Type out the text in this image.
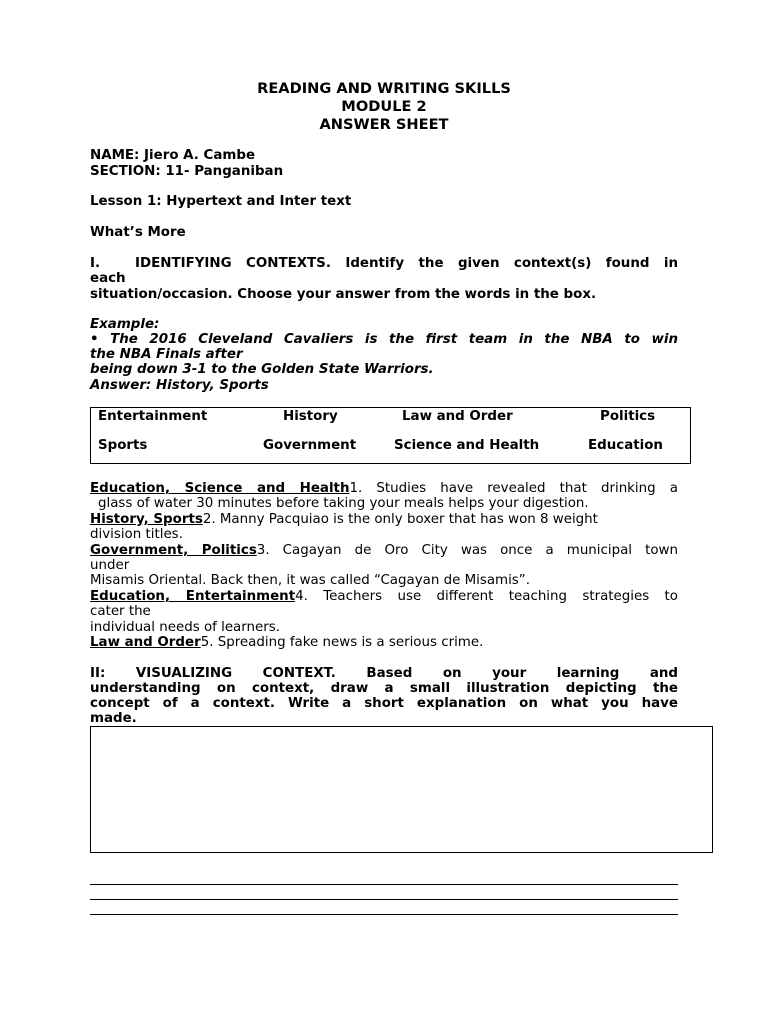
READING AND WRITING SKILLS
MODULE 2
ANSWER SHEET
NAME: Jiero A. Cambe
SECTION: 11- Panganiban
Lesson 1: Hypertext and Inter text
What’s More
I.	IDENTIFYING CONTEXTS. Identify the given context(s) found in
each
situation/occasion. Choose your answer from the words in the box.
Example:
• The 2016 Cleveland Cavaliers is the first team in the NBA to win
the NBA Finals after
being down 3-1 to the Golden State Warriors.
Answer: History, Sports
Entertainment	History	Law and Order	Politics
Sports	Government	Science and Health	Education
Education, Science and Health1. Studies have revealed that drinking a
glass of water 30 minutes before taking your meals helps your digestion.
History, Sports2. Manny Pacquiao is the only boxer that has won 8 weight
division titles.
Government, Politics3. Cagayan de Oro City was once a municipal town
under
Misamis Oriental. Back then, it was called “Cagayan de Misamis”.
Education, Entertainment4. Teachers use different teaching strategies to
cater the
individual needs of learners.
Law and Order5. Spreading fake news is a serious crime.
II: VISUALIZING CONTEXT. Based on your learning and
understanding on context, draw a small illustration depicting the
concept of a context. Write a short explanation on what you have
made.
